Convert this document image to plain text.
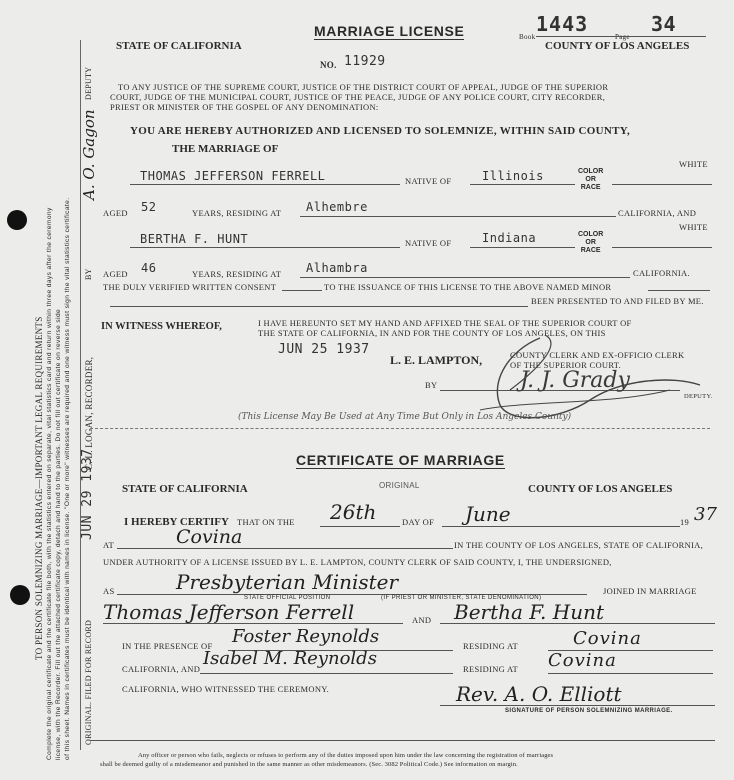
TO PERSON SOLEMNIZING MARRIAGE—IMPORTANT LEGAL REQUIREMENTS Complete the original certificate and the certificate file both, with the statistics entered on separate, vital statistics card and return within three days after the ceremony license, with the Recorder. Fill out the attached certificate copy, detach and hand to the parties. Do not fill out certificate on reverse side of this sheet. Names in certificates must be identical with names in license. "One or more" witnesses are required and one witness must sign the vital statistics certificate.
DEPUTY
A. O. Gagon
BY
C. L. LOGAN, RECORDER,
JUN 29 1937
ORIGINAL. FILED FOR RECORD
STATE OF CALIFORNIA
MARRIAGE LICENSE	Book
1443
Page
34
COUNTY OF LOS ANGELES
NO. 11929
TO ANY JUSTICE OF THE SUPREME COURT, JUSTICE OF THE DISTRICT COURT OF APPEAL, JUDGE OF THE SUPERIOR
COURT, JUDGE OF THE MUNICIPAL COURT, JUSTICE OF THE PEACE, JUDGE OF ANY POLICE COURT, CITY RECORDER,
PRIEST OR MINISTER OF THE GOSPEL OF ANY DENOMINATION:
YOU ARE HEREBY AUTHORIZED AND LICENSED TO SOLEMNIZE, WITHIN SAID COUNTY,
THE MARRIAGE OF
THOMAS JEFFERSON FERRELL	NATIVE OF	Illinois	COLOR
OR
RACE
WHITE
AGED 52	YEARS, RESIDING AT Alhembre	CALIFORNIA, AND
BERTHA F. HUNT	NATIVE OF	Indiana	COLOR
OR
RACE
WHITE
AGED 46	YEARS, RESIDING AT Alhambra	CALIFORNIA.
THE DULY VERIFIED WRITTEN CONSENT	TO THE ISSUANCE OF THIS LICENSE TO THE ABOVE NAMED MINOR
BEEN PRESENTED TO AND FILED BY ME.
IN WITNESS WHEREOF,	I HAVE HEREUNTO SET MY HAND AND AFFIXED THE SEAL OF THE SUPERIOR COURT OF
THE STATE OF CALIFORNIA, IN AND FOR THE COUNTY OF LOS ANGELES, ON THIS
JUN 25 1937
L. E. LAMPTON,	COUNTY CLERK AND EX-OFFICIO CLERK
OF THE SUPERIOR COURT.
BY	J. J. Grady
DEPUTY.
(This License May Be Used at Any Time But Only in Los Angeles County)
CERTIFICATE OF MARRIAGE
ORIGINAL
STATE OF CALIFORNIA	COUNTY OF LOS ANGELES
I HEREBY CERTIFY THAT ON THE 26th	DAY OF June	19 37
AT	Covina	IN THE COUNTY OF LOS ANGELES, STATE OF CALIFORNIA,
UNDER AUTHORITY OF A LICENSE ISSUED BY L. E. LAMPTON, COUNTY CLERK OF SAID COUNTY, I, THE UNDERSIGNED,
AS	Presbyterian Minister	JOINED IN MARRIAGE
STATE OFFICIAL POSITION	(IF PRIEST OR MINISTER, STATE DENOMINATION)
Thomas Jefferson Ferrell	AND Bertha F. Hunt
IN THE PRESENCE OF Foster Reynolds	RESIDING AT	Covina
CALIFORNIA, AND Isabel M. Reynolds	RESIDING AT Covina
CALIFORNIA, WHO WITNESSED THE CEREMONY.	Rev. A. O. Elliott
SIGNATURE OF PERSON SOLEMNIZING MARRIAGE.
Any officer or person who fails, neglects or refuses to perform any of the duties imposed upon him under the law concerning the registration of marriages
shall be deemed guilty of a misdemeanor and punished in the same manner as other misdemeanors. (Sec. 3082 Political Code.) See information on margin.
